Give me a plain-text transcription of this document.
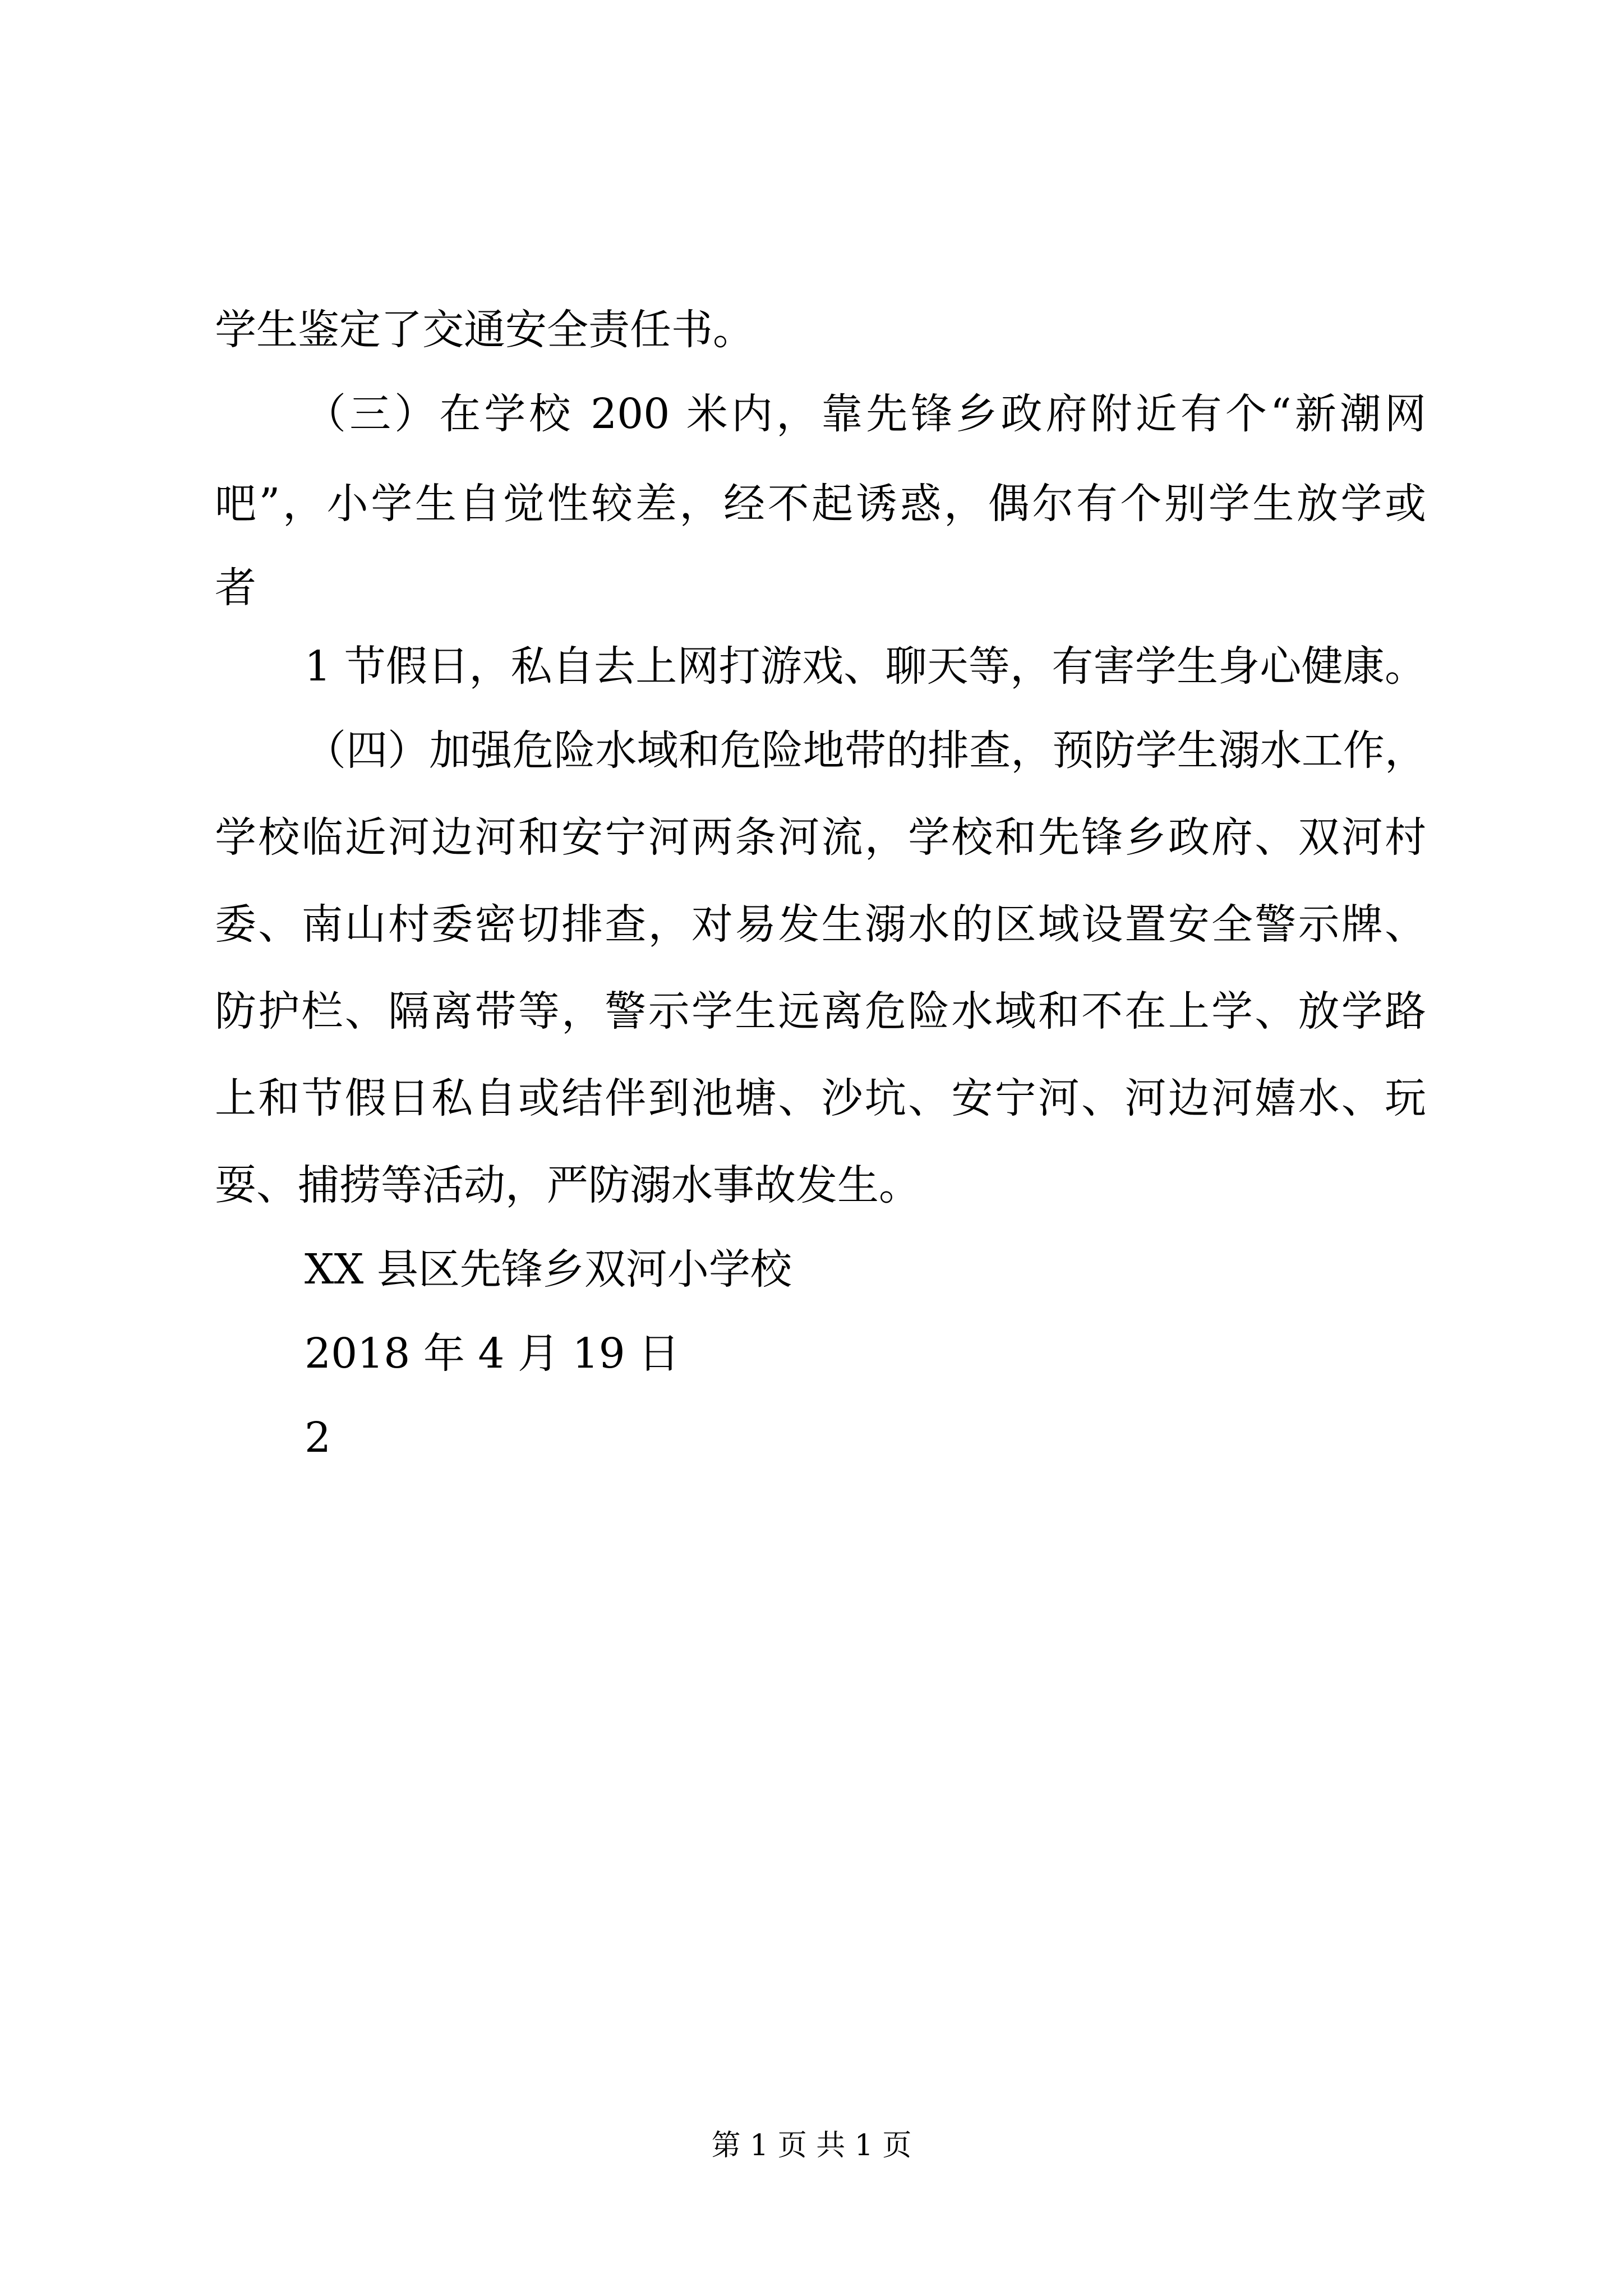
学生鉴定了交通安全责任书。

（三）在学校 200 米内，靠先锋乡政府附近有个“新潮网

吧”，小学生自觉性较差，经不起诱惑，偶尔有个别学生放学或

者

1 节假日，私自去上网打游戏、聊天等，有害学生身心健康。

（四）加强危险水域和危险地带的排查，预防学生溺水工作，

学校临近河边河和安宁河两条河流，学校和先锋乡政府、双河村

委、南山村委密切排查，对易发生溺水的区域设置安全警示牌、

防护栏、隔离带等，警示学生远离危险水域和不在上学、放学路

上和节假日私自或结伴到池塘、沙坑、安宁河、河边河嬉水、玩

耍、捕捞等活动，严防溺水事故发生。

XX 县区先锋乡双河小学校

2018 年 4 月 19 日

2

第 1 页 共 1 页
